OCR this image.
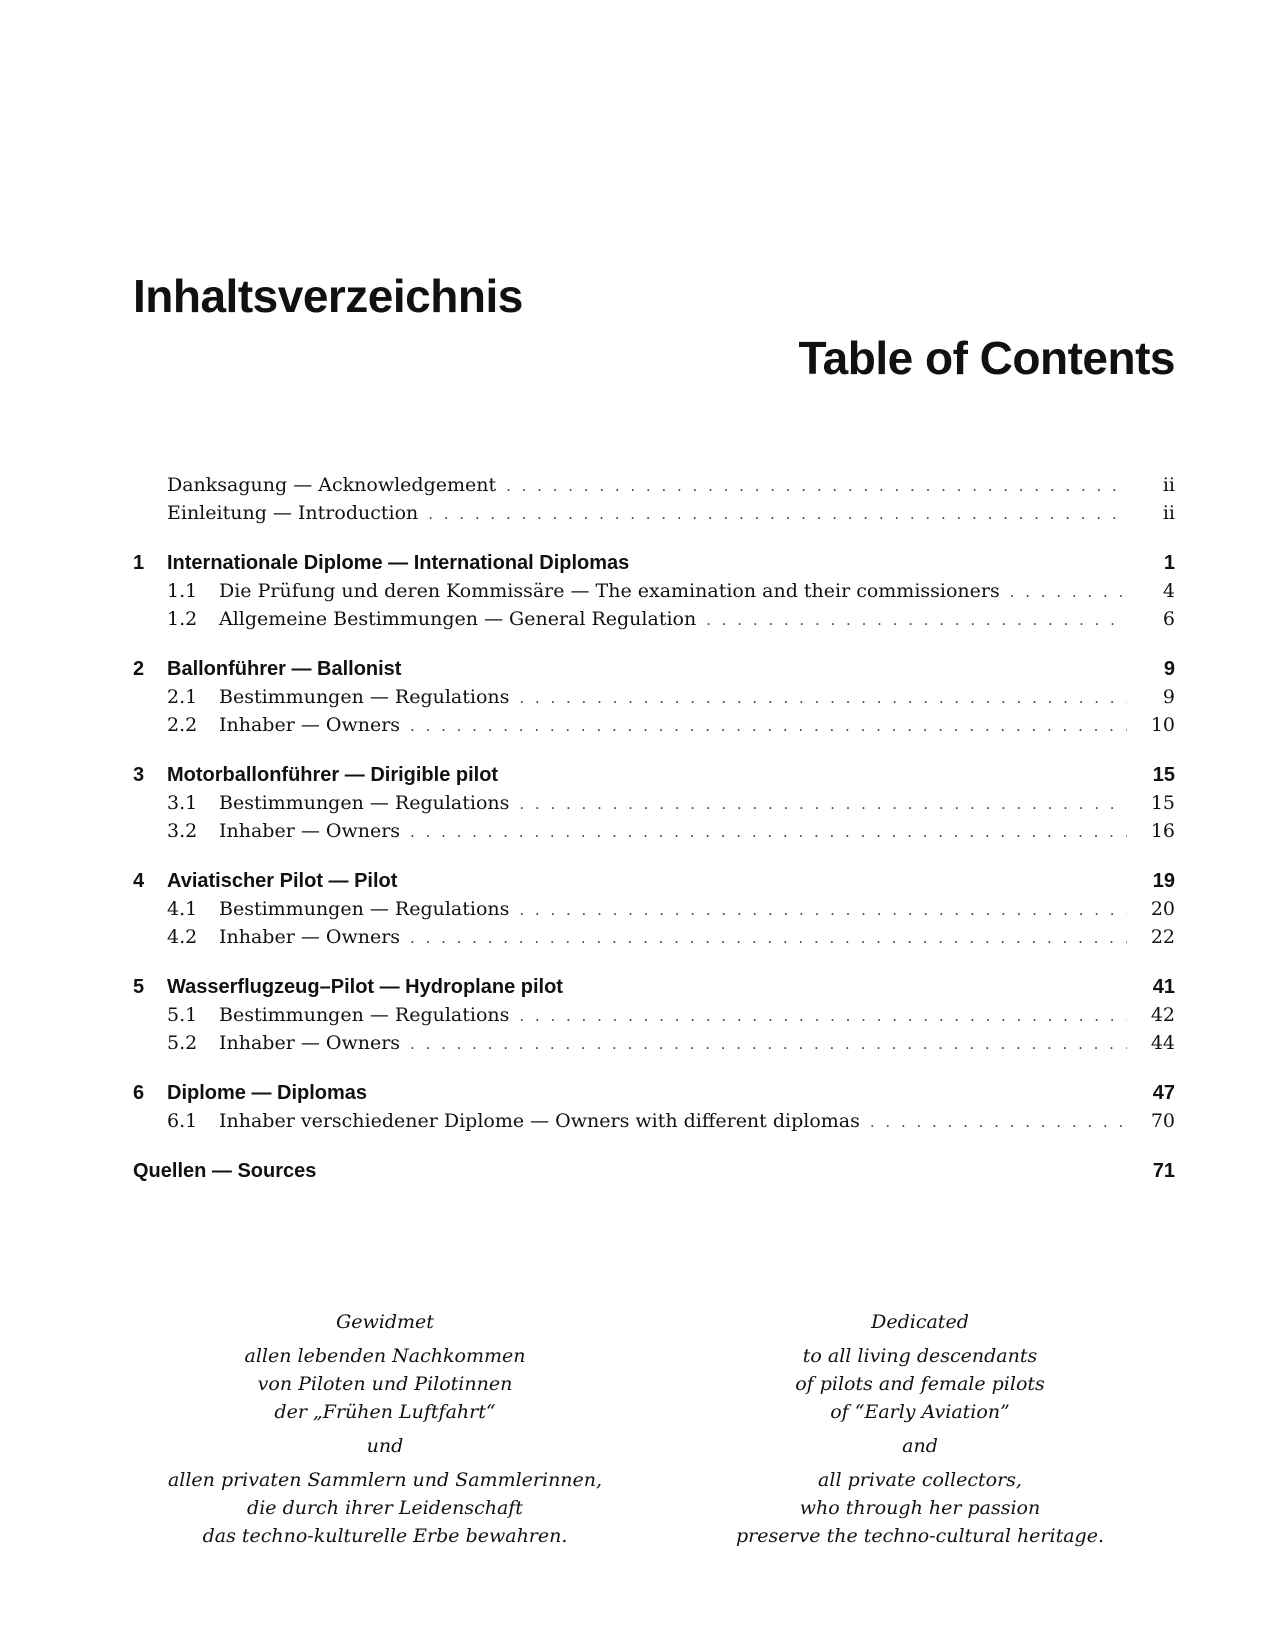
Inhaltsverzeichnis
Table of Contents
Danksagung — Acknowledgement . . .	ii
Einleitung — Introduction . . .	ii
1	Internationale Diplome — International Diplomas	1
1.1	Die Prüfung und deren Kommissäre — The examination and their commissioners . . .	4
1.2	Allgemeine Bestimmungen — General Regulation . . .	6
2	Ballonführer — Ballonist	9
2.1	Bestimmungen — Regulations . . .	9
2.2	Inhaber — Owners . . .	10
3	Motorballonführer — Dirigible pilot	15
3.1	Bestimmungen — Regulations . . .	15
3.2	Inhaber — Owners . . .	16
4	Aviatischer Pilot — Pilot	19
4.1	Bestimmungen — Regulations . . .	20
4.2	Inhaber — Owners . . .	22
5	Wasserflugzeug–Pilot — Hydroplane pilot	41
5.1	Bestimmungen — Regulations . . .	42
5.2	Inhaber — Owners . . .	44
6	Diplome — Diplomas	47
6.1	Inhaber verschiedener Diplome — Owners with different diplomas . . .	70
Quellen — Sources	71

Gewidmet

allen lebenden Nachkommen
von Piloten und Pilotinnen
der „Frühen Luftfahrt“

und

allen privaten Sammlern und Sammlerinnen,
die durch ihrer Leidenschaft
das techno-kulturelle Erbe bewahren.

Dedicated

to all living descendants
of pilots and female pilots
of “Early Aviation”

and

all private collectors,
who through her passion
preserve the techno-cultural heritage.
